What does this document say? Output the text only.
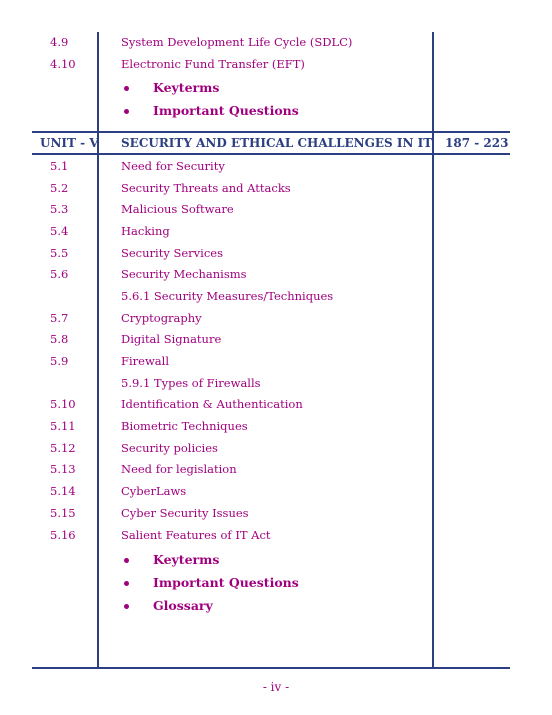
4.9	System Development Life Cycle (SDLC)
4.10	Electronic Fund Transfer (EFT)
Keyterms
Important Questions
UNIT - V SECURITY AND ETHICAL CHALLENGES IN IT 187 - 223
5.1	Need for Security
5.2	Security Threats and Attacks
5.3	Malicious Software
5.4	Hacking
5.5	Security Services
5.6	Security Mechanisms
5.6.1 Security Measures/Techniques
5.7	Cryptography
5.8	Digital Signature
5.9	Firewall
5.9.1 Types of Firewalls
5.10	Identification & Authentication
5.11	Biometric Techniques
5.12	Security policies
5.13	Need for legislation
5.14	CyberLaws
5.15	Cyber Security Issues
5.16	Salient Features of IT Act
Keyterms
Important Questions
Glossary
- iv -
